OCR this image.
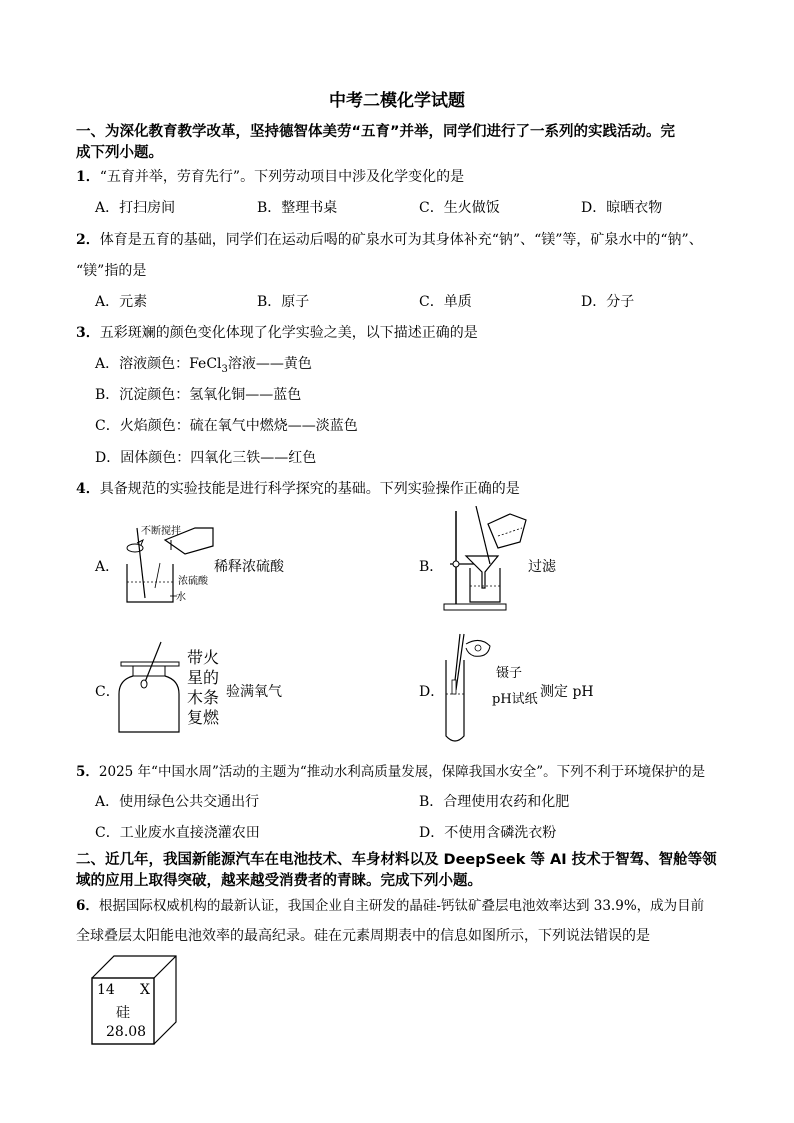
中考二模化学试题
一、为深化教育教学改革，坚持德智体美劳“五育”并举，同学们进行了一系列的实践活动。完
成下列小题。
1．“五育并举，劳育先行”。下列劳动项目中涉及化学变化的是
A．打扫房间	B．整理书桌	C．生火做饭	D．晾晒衣物
2．体育是五育的基础，同学们在运动后喝的矿泉水可为其身体补充“钠”、“镁”等，矿泉水中的“钠”、
“镁”指的是
A．元素	B．原子	C．单质	D．分子
3．五彩斑斓的颜色变化体现了化学实验之美，以下描述正确的是
A．溶液颜色：FeCl$_3$溶液——黄色
B．沉淀颜色：氢氧化铜——蓝色
C．火焰颜色：硫在氧气中燃烧——淡蓝色
D．固体颜色：四氧化三铁——红色
4．具备规范的实验技能是进行科学探究的基础。下列实验操作正确的是
A．
不断搅拌
浓硫酸
水
稀释浓硫酸	B．	过滤
C．
带火
星的
木条
复燃
验满氧气	D．
镊子
pH试纸 测定 pH
5．2025 年“中国水周”活动的主题为“推动水利高质量发展，保障我国水安全”。下列不利于环境保护的是
A．使用绿色公共交通出行	B．合理使用农药和化肥
C．工业废水直接浇灌农田	D．不使用含磷洗衣粉
二、近几年，我国新能源汽车在电池技术、车身材料以及 DeepSeek 等 AI 技术于智驾、智舱等领
域的应用上取得突破，越来越受消费者的青睐。完成下列小题。
6．根据国际权威机构的最新认证，我国企业自主研发的晶硅-钙钛矿叠层电池效率达到 33.9%，成为目前
全球叠层太阳能电池效率的最高纪录。硅在元素周期表中的信息如图所示，下列说法错误的是
14 X
硅
28.08
